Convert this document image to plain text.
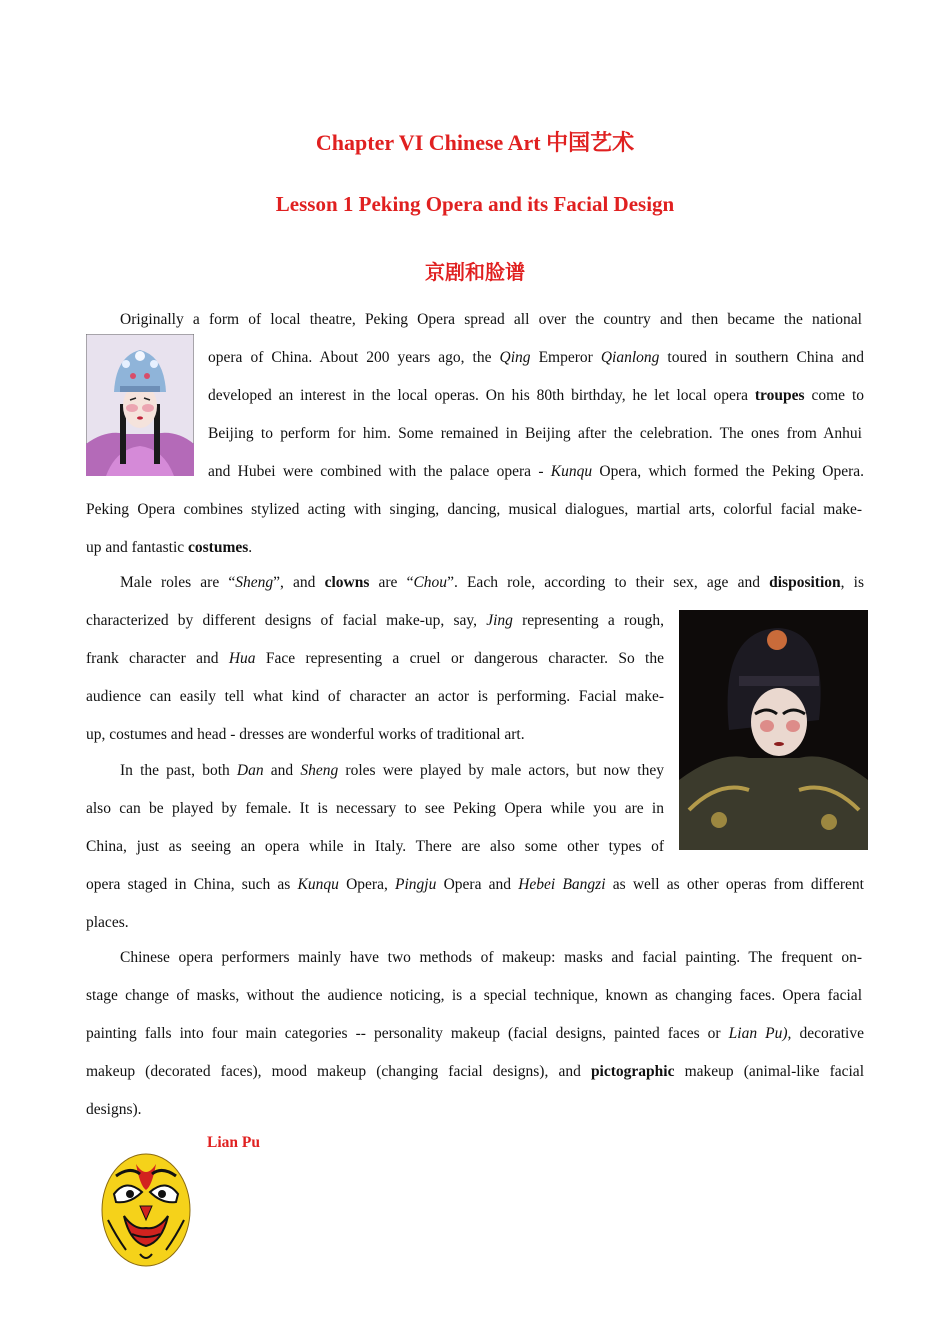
Chapter VI Chinese Art 中国艺术
Lesson 1 Peking Opera and its Facial Design
京剧和脸谱
Originally a form of local theatre, Peking Opera spread all over the country and then became the national
opera of China. About 200 years ago, the Qing Emperor Qianlong toured in southern China and
developed an interest in the local operas. On his 80th birthday, he let local opera troupes come to
Beijing to perform for him. Some remained in Beijing after the celebration. The ones from Anhui
and Hubei were combined with the palace opera - Kunqu Opera, which formed the Peking Opera.
Peking Opera combines stylized acting with singing, dancing, musical dialogues, martial arts, colorful facial make-
up and fantastic costumes.
Male roles are “Sheng”, and clowns are “Chou”. Each role, according to their sex, age and disposition, is
characterized by different designs of facial make-up, say, Jing representing a rough,
frank character and Hua Face representing a cruel or dangerous character. So the
audience can easily tell what kind of character an actor is performing. Facial make-
up, costumes and head - dresses are wonderful works of traditional art.
In the past, both Dan and Sheng roles were played by male actors, but now they
also can be played by female. It is necessary to see Peking Opera while you are in
China, just as seeing an opera while in Italy. There are also some other types of
opera staged in China, such as Kunqu Opera, Pingju Opera and Hebei Bangzi as well as other operas from different
places.
Chinese opera performers mainly have two methods of makeup: masks and facial painting. The frequent on-
stage change of masks, without the audience noticing, is a special technique, known as changing faces. Opera facial
painting falls into four main categories -- personality makeup (facial designs, painted faces or Lian Pu), decorative
makeup (decorated faces), mood makeup (changing facial designs), and pictographic makeup (animal-like facial
designs).
Lian Pu
